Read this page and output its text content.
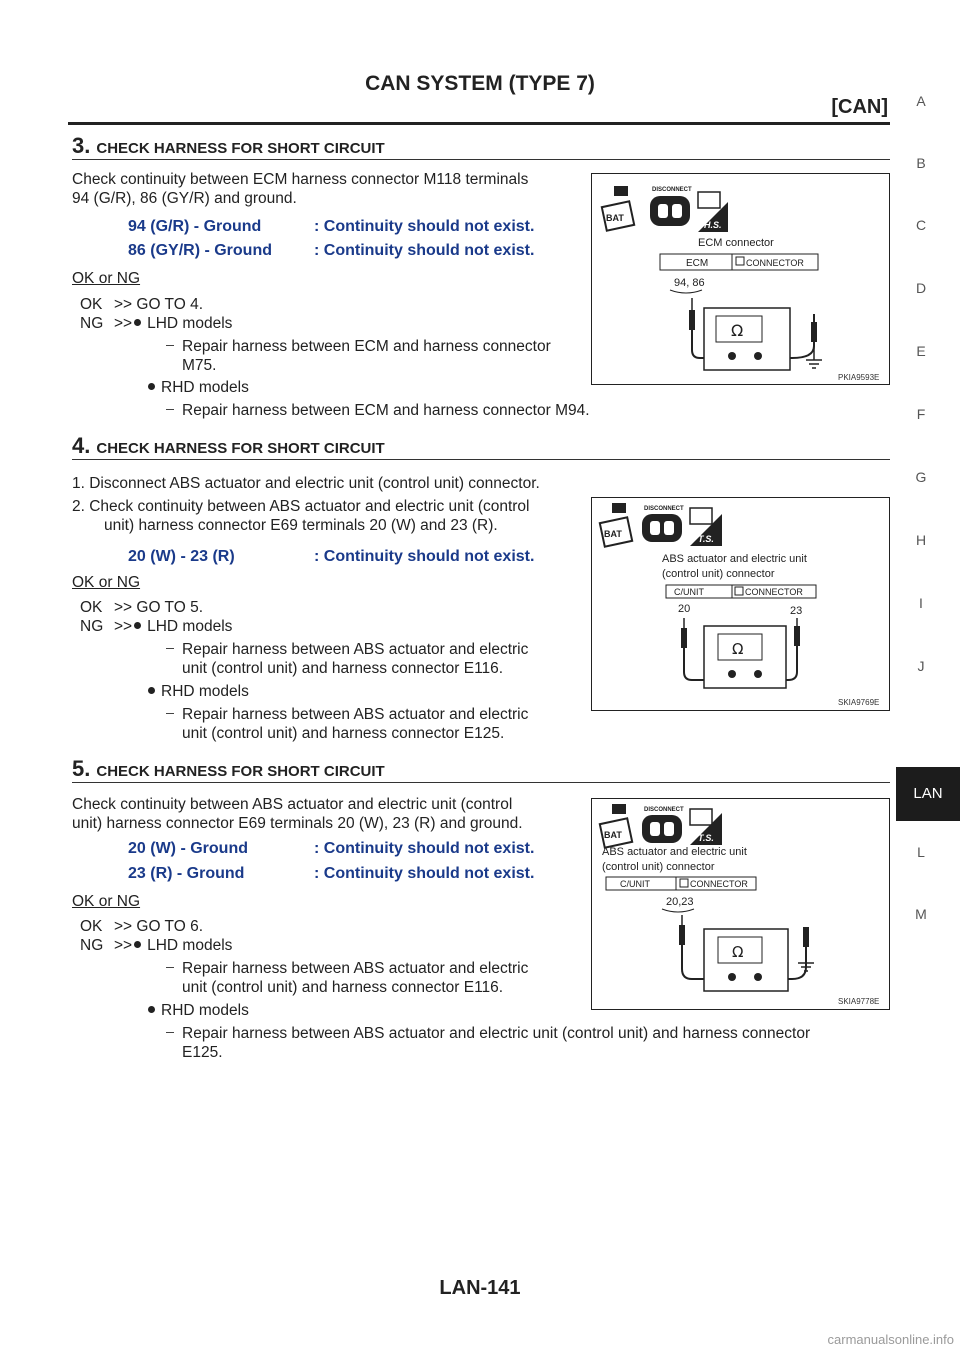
CAN SYSTEM (TYPE 7)
[CAN]	A
B
C
D
E
F
G
H
I
J
LAN
L
M
3. CHECK HARNESS FOR SHORT CIRCUIT
Check continuity between ECM harness connector M118 terminals
94 (G/R), 86 (GY/R) and ground.
94 (G/R) - Ground	: Continuity should not exist.
86 (GY/R) - Ground	: Continuity should not exist.
OK or NG
OK >> GO TO 4.
NG >> LHD models
Repair harness between ECM and harness connector
M75.
RHD models
Repair harness between ECM and harness connector M94.
BAT
DISCONNECT
H.S.
ECM connector
ECM	CONNECTOR
94, 86
Ω
PKIA9593E
4. CHECK HARNESS FOR SHORT CIRCUIT
1. Disconnect ABS actuator and electric unit (control unit) connector.
2. Check continuity between ABS actuator and electric unit (control
unit) harness connector E69 terminals 20 (W) and 23 (R).
20 (W) - 23 (R)	: Continuity should not exist.
OK or NG
OK >> GO TO 5.
NG >> LHD models
Repair harness between ABS actuator and electric
unit (control unit) and harness connector E116.
RHD models
Repair harness between ABS actuator and electric
unit (control unit) and harness connector E125.
BAT
DISCONNECT
T.S.
ABS actuator and electric unit
(control unit) connector
C/UNIT	CONNECTOR
20	23
Ω
SKIA9769E
5. CHECK HARNESS FOR SHORT CIRCUIT
Check continuity between ABS actuator and electric unit (control
unit) harness connector E69 terminals 20 (W), 23 (R) and ground.
20 (W) - Ground	: Continuity should not exist.
23 (R) - Ground	: Continuity should not exist.
OK or NG
OK >> GO TO 6.
NG >> LHD models
Repair harness between ABS actuator and electric
unit (control unit) and harness connector E116.
RHD models
Repair harness between ABS actuator and electric unit (control unit) and harness connector
E125.
BAT
DISCONNECT
T.S.
ABS actuator and electric unit
(control unit) connector
C/UNIT	CONNECTOR
20,23
Ω
SKIA9778E
LAN-141
carmanualsonline.info
